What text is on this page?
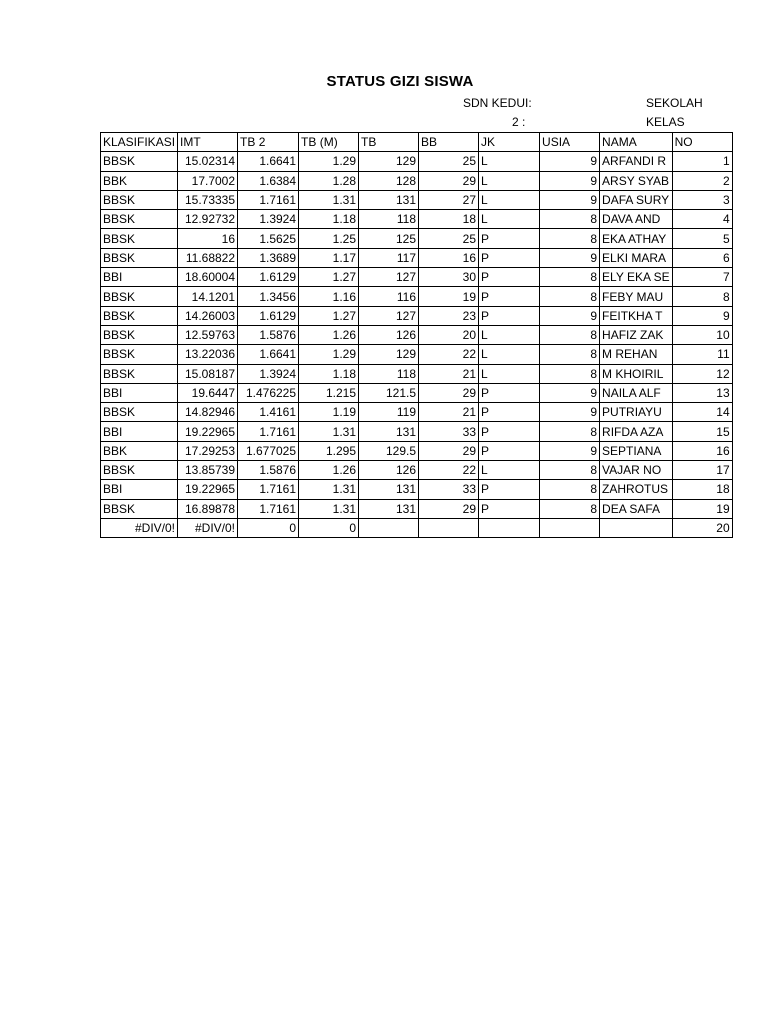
STATUS GIZI SISWA
SDN KEDUI:	SEKOLAH
2 :	KELAS
KLASIFIKASI	IMT	TB 2	TB (M)	TB	BB	JK	USIA	NAMA	NO
BBSK	15.02314	1.6641	1.29	129	25	L	9	ARFANDI R	1
BBK	17.7002	1.6384	1.28	128	29	L	9	ARSY SYAB	2
BBSK	15.73335	1.7161	1.31	131	27	L	9	DAFA SURY	3
BBSK	12.92732	1.3924	1.18	118	18	L	8	DAVA AND	4
BBSK	16	1.5625	1.25	125	25	P	8	EKA ATHAY	5
BBSK	11.68822	1.3689	1.17	117	16	P	9	ELKI MARA	6
BBI	18.60004	1.6129	1.27	127	30	P	8	ELY EKA SE	7
BBSK	14.1201	1.3456	1.16	116	19	P	8	FEBY MAU	8
BBSK	14.26003	1.6129	1.27	127	23	P	9	FEITKHA T	9
BBSK	12.59763	1.5876	1.26	126	20	L	8	HAFIZ ZAK	10
BBSK	13.22036	1.6641	1.29	129	22	L	8	M REHAN	11
BBSK	15.08187	1.3924	1.18	118	21	L	8	M KHOIRIL	12
BBI	19.6447	1.476225	1.215	121.5	29	P	9	NAILA ALF	13
BBSK	14.82946	1.4161	1.19	119	21	P	9	PUTRIAYU	14
BBI	19.22965	1.7161	1.31	131	33	P	8	RIFDA AZA	15
BBK	17.29253	1.677025	1.295	129.5	29	P	9	SEPTIANA	16
BBSK	13.85739	1.5876	1.26	126	22	L	8	VAJAR NO	17
BBI	19.22965	1.7161	1.31	131	33	P	8	ZAHROTUS	18
BBSK	16.89878	1.7161	1.31	131	29	P	8	DEA SAFA	19
#DIV/0!	#DIV/0!	0	0						20
